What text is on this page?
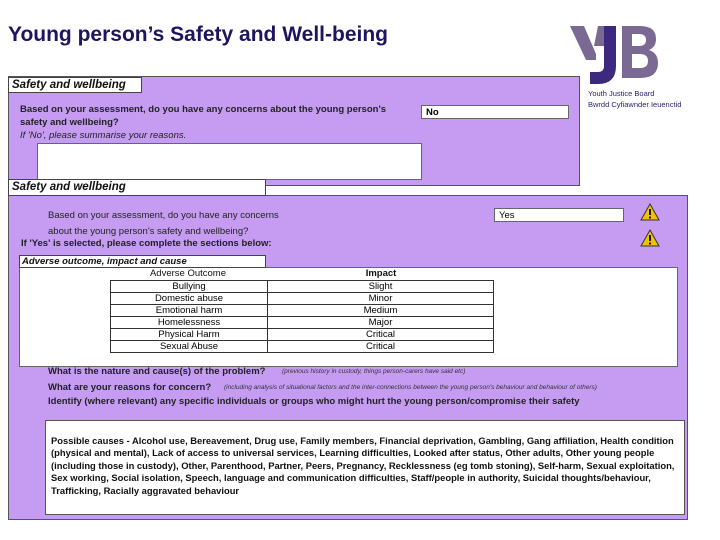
Young person’s Safety and Well-being
Youth Justice Board
Bwrdd Cyfiawnder Ieuenctid
Safety and wellbeing
Based on your assessment, do you have any concerns about the young person's
safety and wellbeing?
If 'No', please summarise your reasons.
No
Safety and wellbeing
Based on your assessment, do you have any concerns
about the young person's safety and wellbeing?
If 'Yes' is selected, please complete the sections below:
Yes
Adverse outcome, impact and cause
Adverse Outcome	Impact
Bullying	Slight
Domestic abuse	Minor
Emotional harm	Medium
Homelessness	Major
Physical Harm	Critical
Sexual Abuse	Critical
What is the nature and cause(s) of the problem?	(previous history in custody, things person-carers have said etc)
What are your reasons for concern? (including analysis of situational factors and the inter-connections between the young person's behaviour and behaviour of others)
Identify (where relevant) any specific individuals or groups who might hurt the young person/compromise their safety
Possible causes - Alcohol use, Bereavement, Drug use, Family members, Financial deprivation, Gambling, Gang affiliation, Health condition (physical and mental), Lack of access to universal services, Learning difficulties, Looked after status, Other adults, Other young people (including those in custody), Other, Parenthood, Partner, Peers, Pregnancy, Recklessness (eg tomb stoning), Self-harm, Sexual exploitation, Sex working, Social isolation, Speech, language and communication difficulties, Staff/people in authority, Suicidal thoughts/behaviour, Trafficking, Racially aggravated behaviour
